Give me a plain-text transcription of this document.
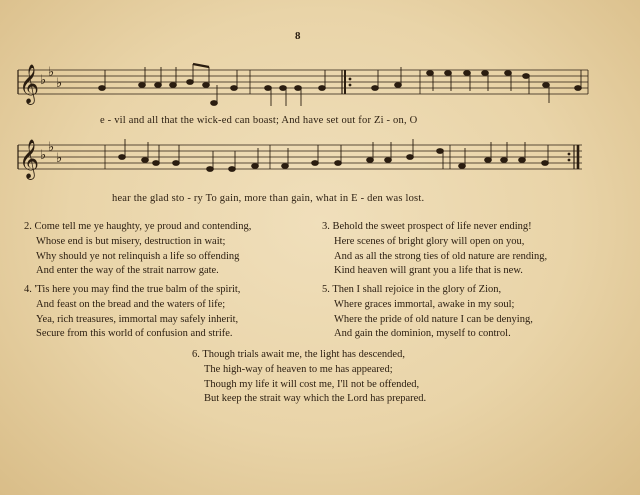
8
𝄞
𝄞
♭
♭
♭
♭
♭
♭
e - vil and all that the wick-ed can boast; And have set out for Zi - on, O
hear the glad sto - ry To gain, more than gain, what in E - den was lost.
2. Come tell me ye haughty, ye proud and contending,
Whose end is but misery, destruction in wait;
Why should ye not relinquish a life so offending
And enter the way of the strait narrow gate.
3. Behold the sweet prospect of life never ending!
Here scenes of bright glory will open on you,
And as all the strong ties of old nature are rending,
Kind heaven will grant you a life that is new.
4. 'Tis here you may find the true balm of the spirit,
And feast on the bread and the waters of life;
Yea, rich treasures, immortal may safely inherit,
Secure from this world of confusion and strife.
5. Then I shall rejoice in the glory of Zion,
Where graces immortal, awake in my soul;
Where the pride of old nature I can be denying,
And gain the dominion, myself to control.
6. Though trials await me, the light has descended,
The high-way of heaven to me has appeared;
Though my life it will cost me, I'll not be offended,
But keep the strait way which the Lord has prepared.
